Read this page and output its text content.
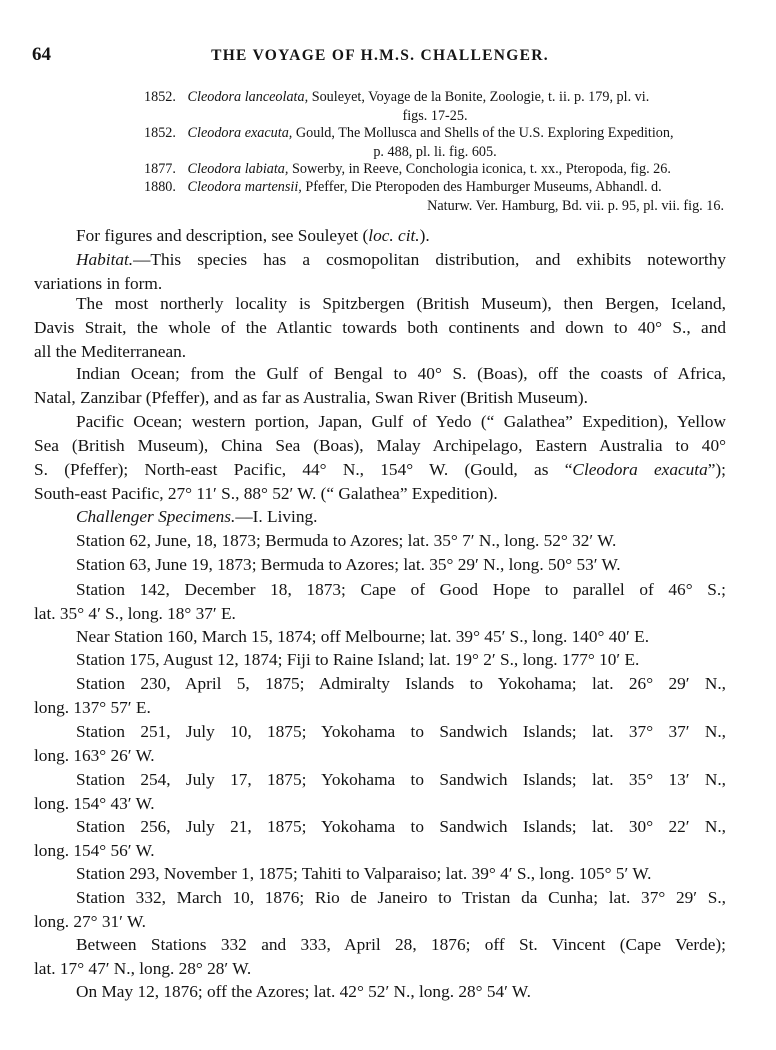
64	THE VOYAGE OF H.M.S. CHALLENGER.
1852. Cleodora lanceolata, Souleyet, Voyage de la Bonite, Zoologie, t. ii. p. 179, pl. vi.
figs. 17-25.
1852. Cleodora exacuta, Gould, The Mollusca and Shells of the U.S. Exploring Expedition,
p. 488, pl. li. fig. 605.
1877. Cleodora labiata, Sowerby, in Reeve, Conchologia iconica, t. xx., Pteropoda, fig. 26.
1880. Cleodora martensii, Pfeffer, Die Pteropoden des Hamburger Museums, Abhandl. d.
Naturw. Ver. Hamburg, Bd. vii. p. 95, pl. vii. fig. 16.
For figures and description, see Souleyet (loc. cit.).
Habitat.—This species has a cosmopolitan distribution, and exhibits noteworthy
variations in form.
The most northerly locality is Spitzbergen (British Museum), then Bergen, Iceland,
Davis Strait, the whole of the Atlantic towards both continents and down to 40° S., and
all the Mediterranean.
Indian Ocean; from the Gulf of Bengal to 40° S. (Boas), off the coasts of Africa,
Natal, Zanzibar (Pfeffer), and as far as Australia, Swan River (British Museum).
Pacific Ocean; western portion, Japan, Gulf of Yedo (“ Galathea” Expedition), Yellow
Sea (British Museum), China Sea (Boas), Malay Archipelago, Eastern Australia to 40°
S. (Pfeffer); North-east Pacific, 44° N., 154° W. (Gould, as “Cleodora exacuta”);
South-east Pacific, 27° 11′ S., 88° 52′ W. (“ Galathea” Expedition).
Challenger Specimens.—I. Living.
Station 62, June, 18, 1873; Bermuda to Azores; lat. 35° 7′ N., long. 52° 32′ W.
Station 63, June 19, 1873; Bermuda to Azores; lat. 35° 29′ N., long. 50° 53′ W.
Station 142, December 18, 1873; Cape of Good Hope to parallel of 46° S.;
lat. 35° 4′ S., long. 18° 37′ E.
Near Station 160, March 15, 1874; off Melbourne; lat. 39° 45′ S., long. 140° 40′ E.
Station 175, August 12, 1874; Fiji to Raine Island; lat. 19° 2′ S., long. 177° 10′ E.
Station 230, April 5, 1875; Admiralty Islands to Yokohama; lat. 26° 29′ N.,
long. 137° 57′ E.
Station 251, July 10, 1875; Yokohama to Sandwich Islands; lat. 37° 37′ N.,
long. 163° 26′ W.
Station 254, July 17, 1875; Yokohama to Sandwich Islands; lat. 35° 13′ N.,
long. 154° 43′ W.
Station 256, July 21, 1875; Yokohama to Sandwich Islands; lat. 30° 22′ N.,
long. 154° 56′ W.
Station 293, November 1, 1875; Tahiti to Valparaiso; lat. 39° 4′ S., long. 105° 5′ W.
Station 332, March 10, 1876; Rio de Janeiro to Tristan da Cunha; lat. 37° 29′ S.,
long. 27° 31′ W.
Between Stations 332 and 333, April 28, 1876; off St. Vincent (Cape Verde);
lat. 17° 47′ N., long. 28° 28′ W.
On May 12, 1876; off the Azores; lat. 42° 52′ N., long. 28° 54′ W.
